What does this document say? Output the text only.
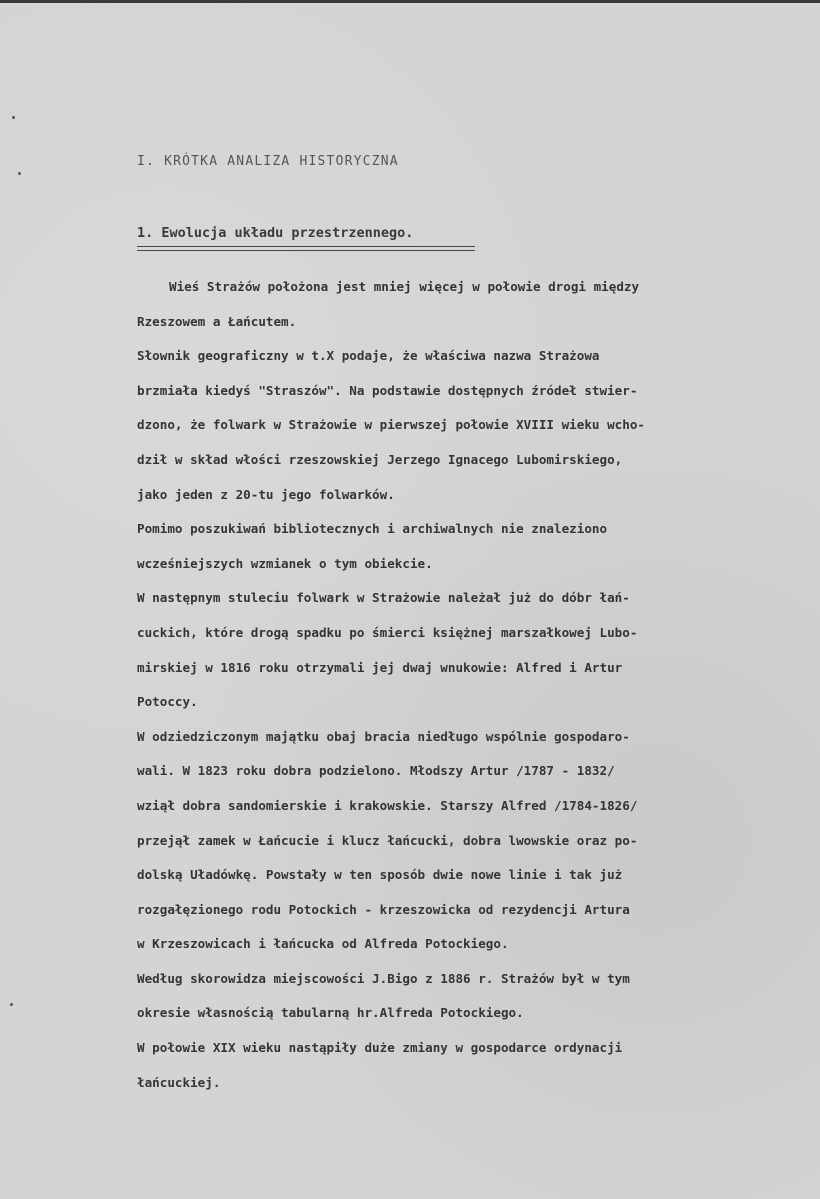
I. KRÓTKA ANALIZA HISTORYCZNA
1. Ewolucja układu przestrzennego.
Wieś Strażów położona jest mniej więcej w połowie drogi między
Rzeszowem a Łańcutem.
Słownik geograficzny w t.X podaje, że właściwa nazwa Strażowa
brzmiała kiedyś "Straszów". Na podstawie dostępnych źródeł stwier-
dzono, że folwark w Strażowie w pierwszej połowie XVIII wieku wcho-
dził w skład włości rzeszowskiej Jerzego Ignacego Lubomirskiego,
jako jeden z 20-tu jego folwarków.
Pomimo poszukiwań bibliotecznych i archiwalnych nie znaleziono
wcześniejszych wzmianek o tym obiekcie.
W następnym stuleciu folwark w Strażowie należał już do dóbr łań-
cuckich, które drogą spadku po śmierci księżnej marszałkowej Lubo-
mirskiej w 1816 roku otrzymali jej dwaj wnukowie: Alfred i Artur
Potoccy.
W odziedziczonym majątku obaj bracia niedługo wspólnie gospodaro-
wali. W 1823 roku dobra podzielono. Młodszy Artur /1787 - 1832/
wziął dobra sandomierskie i krakowskie. Starszy Alfred /1784-1826/
przejął zamek w Łańcucie i klucz łańcucki, dobra lwowskie oraz po-
dolską Uładówkę. Powstały w ten sposób dwie nowe linie i tak już
rozgałęzionego rodu Potockich - krzeszowicka od rezydencji Artura
w Krzeszowicach i łańcucka od Alfreda Potockiego.
Według skorowidza miejscowości J.Bigo z 1886 r. Strażów był w tym
okresie własnością tabularną hr.Alfreda Potockiego.
W połowie XIX wieku nastąpiły duże zmiany w gospodarce ordynacji
łańcuckiej.
